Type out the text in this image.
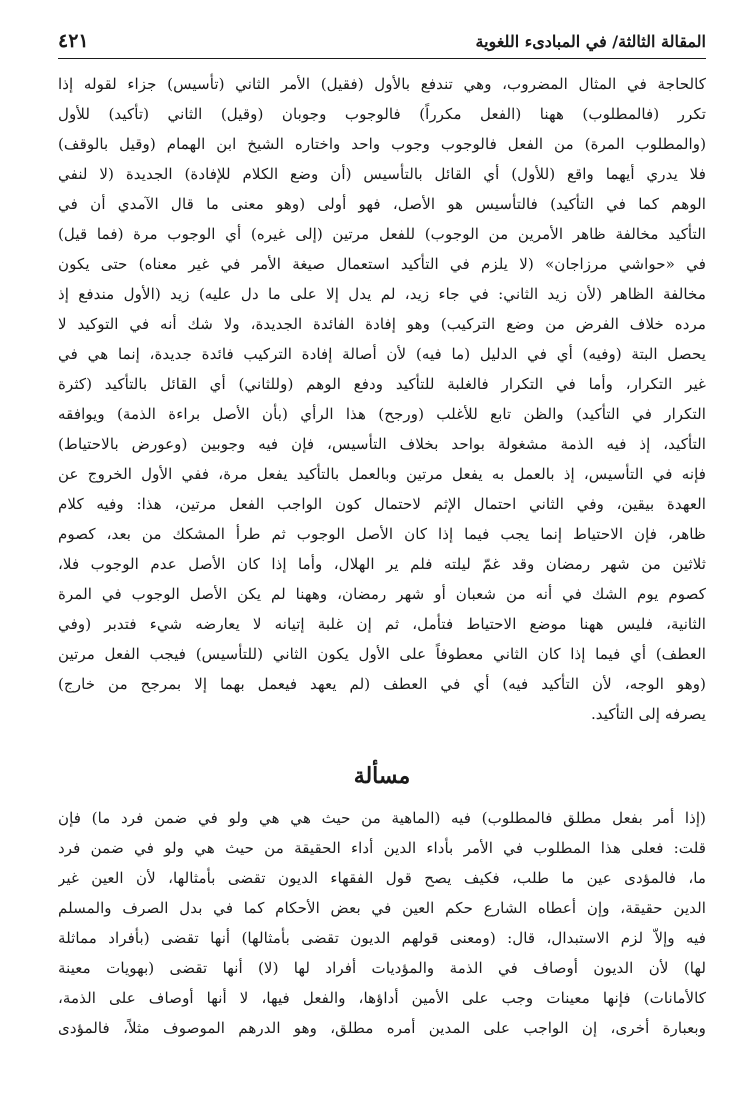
المقالة الثالثة/ في المبادىء اللغوية
٤٢١

كالحاجة في المثال المضروب، وهي تندفع بالأول (فقيل) الأمر الثاني (تأسيس) جزاء لقوله إذا
تكرر (فالمطلوب) ههنا (الفعل مكرراً) فالوجوب وجوبان (وقيل) الثاني (تأكيد) للأول
(والمطلوب المرة) من الفعل فالوجوب وجوب واحد واختاره الشيخ ابن الهمام (وقيل بالوقف)
فلا يدري أيهما واقع (للأول) أي القائل بالتأسيس (أن وضع الكلام للإفادة) الجديدة (لا لنفي
الوهم كما في التأكيد) فالتأسيس هو الأصل، فهو أولى (وهو معنى ما قال الآمدي أن في
التأكيد مخالفة ظاهر الأمرين من الوجوب) للفعل مرتين (إلى غيره) أي الوجوب مرة (فما قيل)
في «حواشي مرزاجان» (لا يلزم في التأكيد استعمال صيغة الأمر في غير معناه) حتى يكون
مخالفة الظاهر (لأن زيد الثاني: في جاء زيد، لم يدل إلا على ما دل عليه) زيد (الأول مندفع إذ
مرده خلاف الفرض من وضع التركيب) وهو إفادة الفائدة الجديدة، ولا شك أنه في التوكيد لا
يحصل البتة (وفيه) أي في الدليل (ما فيه) لأن أصالة إفادة التركيب فائدة جديدة، إنما هي في
غير التكرار، وأما في التكرار فالغلبة للتأكيد ودفع الوهم (وللثاني) أي القائل بالتأكيد (كثرة
التكرار في التأكيد) والظن تابع للأغلب (ورجح) هذا الرأي (بأن الأصل براءة الذمة) ويوافقه
التأكيد، إذ فيه الذمة مشغولة بواحد بخلاف التأسيس، فإن فيه وجوبين (وعورض بالاحتياط)
فإنه في التأسيس، إذ بالعمل به يفعل مرتين وبالعمل بالتأكيد يفعل مرة، ففي الأول الخروج عن
العهدة بيقين، وفي الثاني احتمال الإثم لاحتمال كون الواجب الفعل مرتين، هذا: وفيه كلام
ظاهر، فإن الاحتياط إنما يجب فيما إذا كان الأصل الوجوب ثم طرأ المشكك من بعد، كصوم
ثلاثين من شهر رمضان وقد غمّ ليلته فلم ير الهلال، وأما إذا كان الأصل عدم الوجوب فلا،
كصوم يوم الشك في أنه من شعبان أو شهر رمضان، وههنا لم يكن الأصل الوجوب في المرة
الثانية، فليس ههنا موضع الاحتياط فتأمل، ثم إن غلبة إتيانه لا يعارضه شيء فتدبر (وفي
العطف) أي فيما إذا كان الثاني معطوفاً على الأول يكون الثاني (للتأسيس) فيجب الفعل مرتين
(وهو الوجه، لأن التأكيد فيه) أي في العطف (لم يعهد فيعمل بهما إلا بمرجح من خارج)
يصرفه إلى التأكيد.

مسألة

(إذا أمر بفعل مطلق فالمطلوب) فيه (الماهية من حيث هي هي ولو في ضمن فرد ما) فإن
قلت: فعلى هذا المطلوب في الأمر بأداء الدين أداء الحقيقة من حيث هي ولو في ضمن فرد
ما، فالمؤدى عين ما طلب، فكيف يصح قول الفقهاء الديون تقضى بأمثالها، لأن العين غير
الدين حقيقة، وإن أعطاه الشارع حكم العين في بعض الأحكام كما في بدل الصرف والمسلم
فيه وإلاّ لزم الاستبدال، قال: (ومعنى قولهم الديون تقضى بأمثالها) أنها تقضى (بأفراد مماثلة
لها) لأن الديون أوصاف في الذمة والمؤديات أفراد لها (لا) أنها تقضى (بهويات معينة
كالأمانات) فإنها معينات وجب على الأمين أداؤها، والفعل فيها، لا أنها أوصاف على الذمة،
وبعبارة أخرى، إن الواجب على المدين أمره مطلق، وهو الدرهم الموصوف مثلاً، فالمؤدى
